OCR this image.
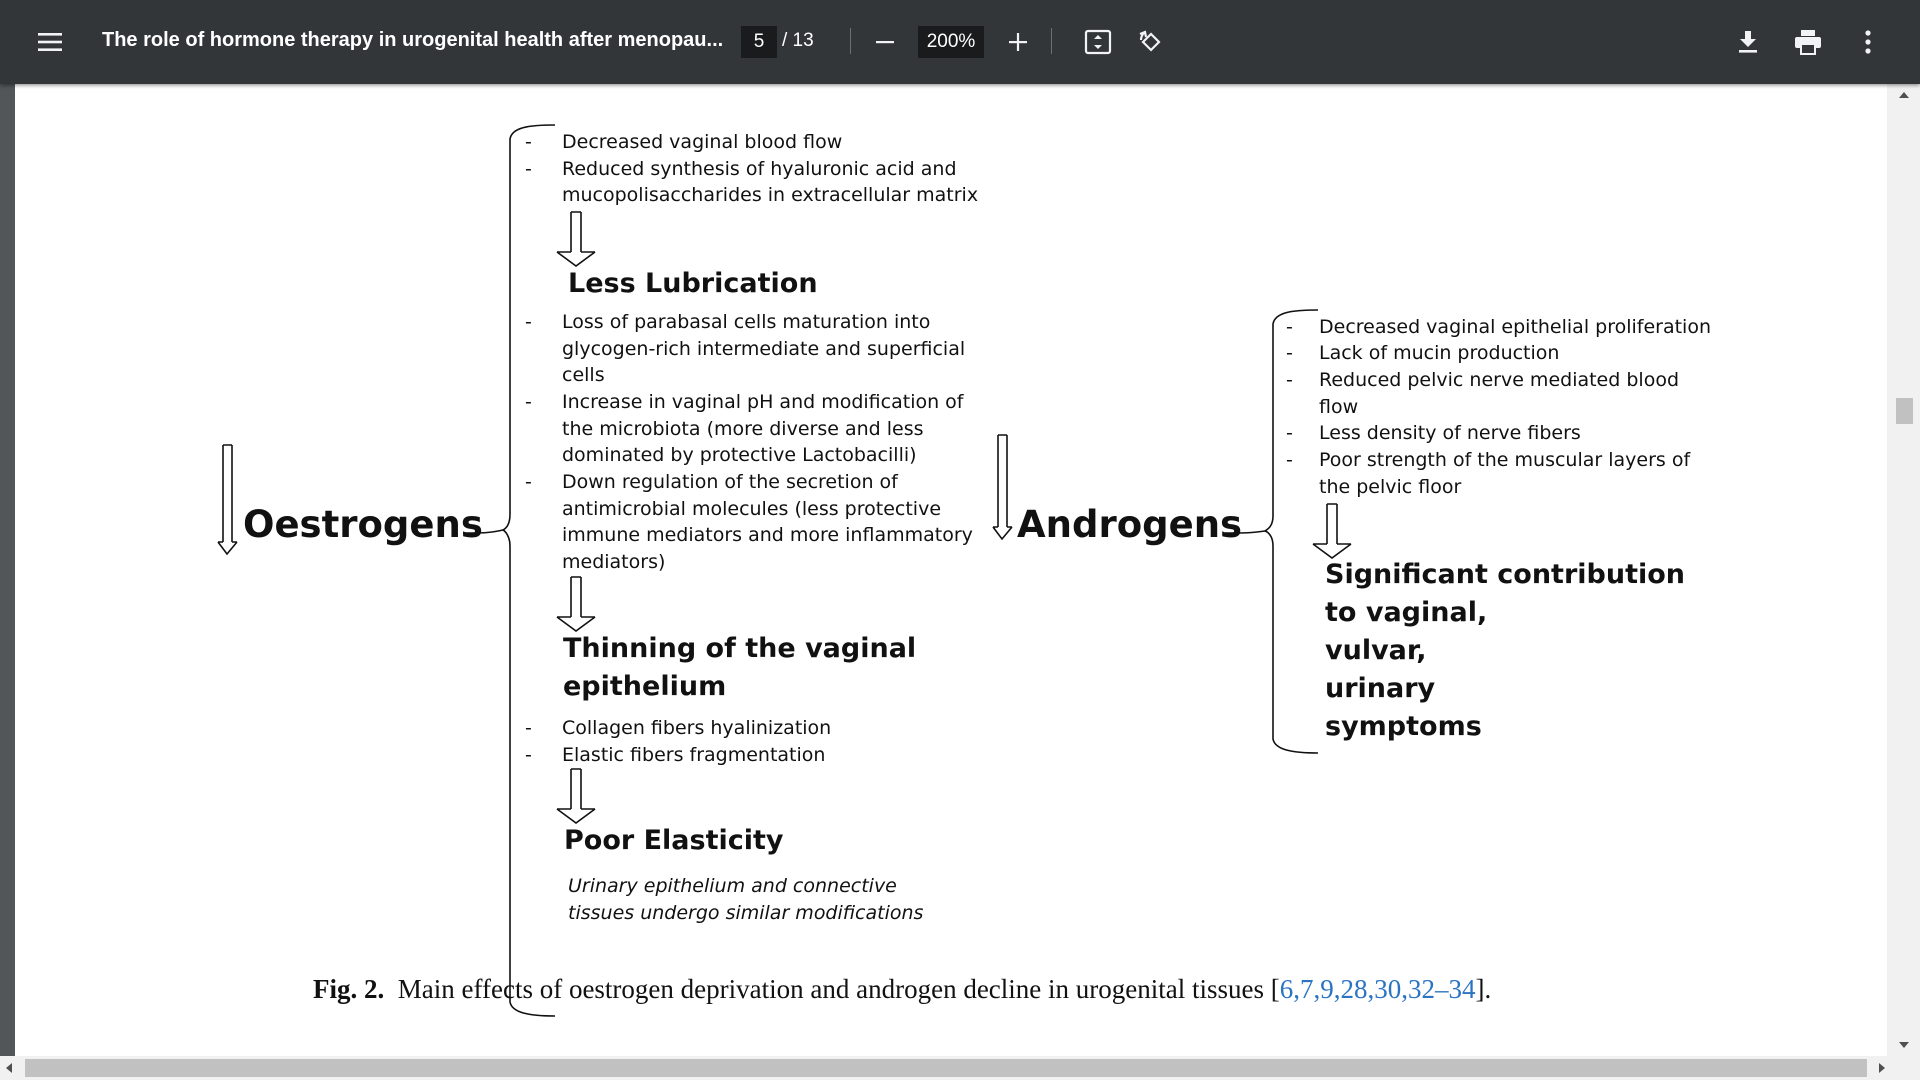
The role of hormone therapy in urogenital health after menopau...	5 / 13	200%
Oestrogens
-
-
Decreased vaginal blood flow
Reduced synthesis of hyaluronic acid and
mucopolisaccharides in extracellular matrix
Less Lubrication
-
-
-
Loss of parabasal cells maturation into
glycogen-rich intermediate and superficial
cells
Increase in vaginal pH and modification of
the microbiota (more diverse and less
dominated by protective Lactobacilli)
Down regulation of the secretion of
antimicrobial molecules (less protective
immune mediators and more inflammatory
mediators)
Thinning of the vaginal
epithelium
-
-
Collagen fibers hyalinization
Elastic fibers fragmentation
Poor Elasticity
Urinary epithelium and connective
tissues undergo similar modifications
Androgens
-
-
-
-
-
Decreased vaginal epithelial proliferation
Lack of mucin production
Reduced pelvic nerve mediated blood
flow
Less density of nerve fibers
Poor strength of the muscular layers of
the pelvic floor
Significant contribution
to vaginal,
vulvar,
urinary
symptoms
Fig. 2. Main effects of oestrogen deprivation and androgen decline in urogenital tissues [6,7,9,28,30,32–34].
